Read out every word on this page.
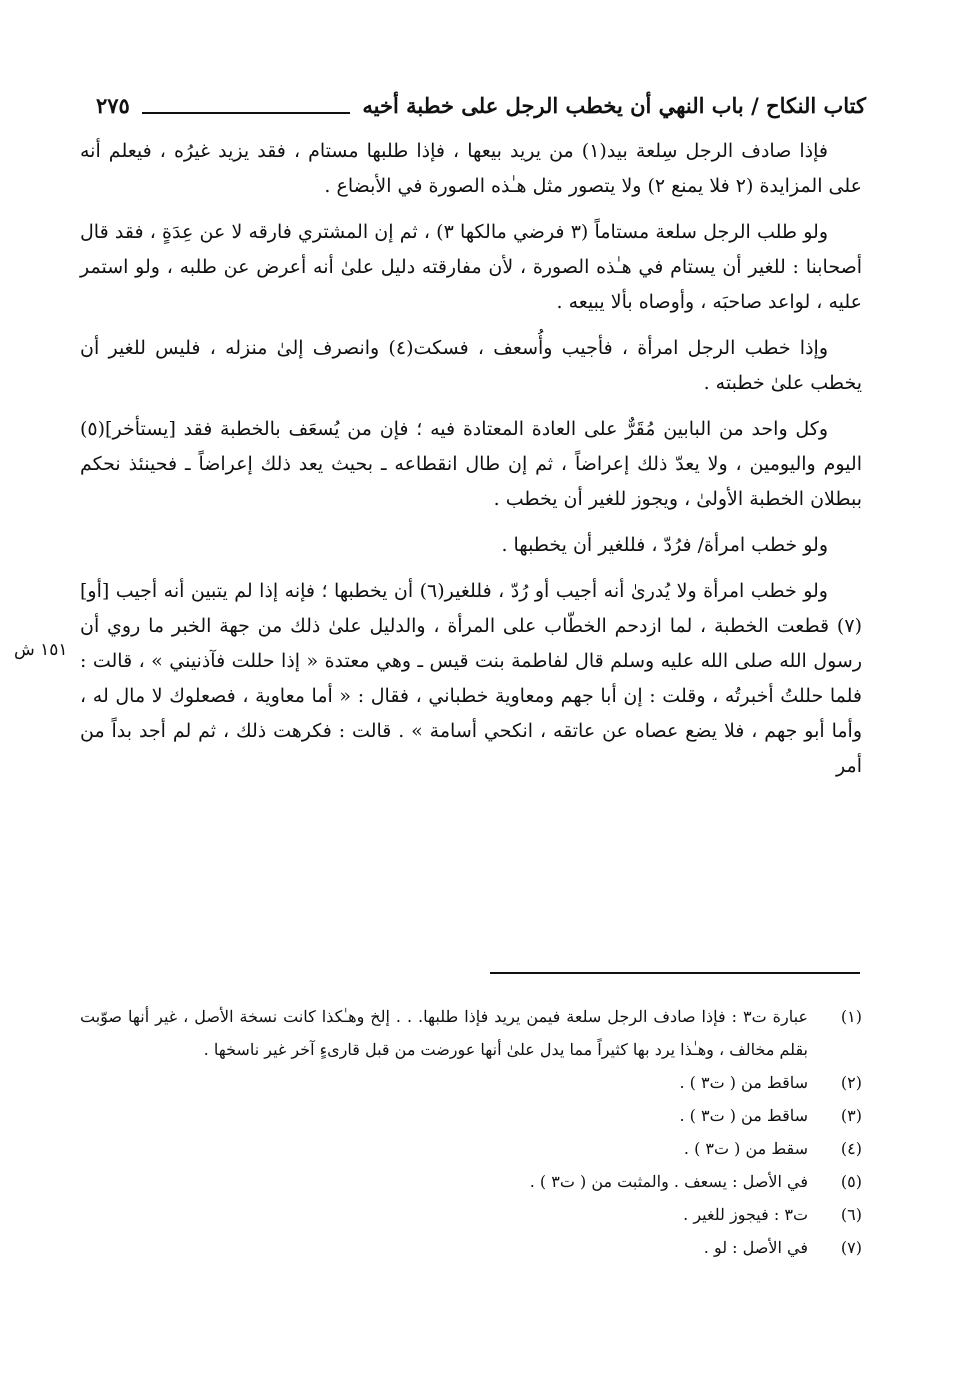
كتاب النكاح / باب النهي أن يخطب الرجل على خطبة أخيه
٢٧٥
١٥١ ش

فإذا صادف الرجل سِلعة بيد(١) من يريد بيعها ، فإذا طلبها مستام ، فقد يزيد غيرُه ، فيعلم أنه على المزايدة (٢ فلا يمنع ٢) ولا يتصور مثل هـٰذه الصورة في الأبضاع .

ولو طلب الرجل سلعة مستاماً (٣ فرضي مالكها ٣) ، ثم إن المشتري فارقه لا عن عِدَةٍ ، فقد قال أصحابنا : للغير أن يستام في هـٰذه الصورة ، لأن مفارقته دليل علىٰ أنه أعرض عن طلبه ، ولو استمر عليه ، لواعد صاحبَه ، وأوصاه بألا يبيعه .

وإذا خطب الرجل امرأة ، فأجيب وأُسعف ، فسكت(٤) وانصرف إلىٰ منزله ، فليس للغير أن يخطب علىٰ خطبته .

وكل واحد من البابين مُقَرٌّ على العادة المعتادة فيه ؛ فإن من يُسعَف بالخطبة فقد [يستأخر](٥) اليوم واليومين ، ولا يعدّ ذلك إعراضاً ، ثم إن طال انقطاعه ـ بحيث يعد ذلك إعراضاً ـ فحينئذ نحكم ببطلان الخطبة الأولىٰ ، ويجوز للغير أن يخطب .

ولو خطب امرأة/ فرُدّ ، فللغير أن يخطبها .

ولو خطب امرأة ولا يُدرىٰ أنه أجيب أو رُدّ ، فللغير(٦) أن يخطبها ؛ فإنه إذا لم يتبين أنه أجيب [أو](٧) قطعت الخطبة ، لما ازدحم الخطّاب على المرأة ، والدليل علىٰ ذلك من جهة الخبر ما روي أن رسول الله صلى الله عليه وسلم قال لفاطمة بنت قيس ـ وهي معتدة « إذا حللت فآذنيني » ، قالت : فلما حللتُ أخبرتُه ، وقلت : إن أبا جهم ومعاوية خطباني ، فقال : « أما معاوية ، فصعلوك لا مال له ، وأما أبو جهم ، فلا يضع عصاه عن عاتقه ، انكحي أسامة » . قالت : فكرهت ذلك ، ثم لم أجد بداً من أمر

(١)
عبارة ت٣ : فإذا صادف الرجل سلعة فيمن يريد فإذا طلبها. . . إلخ وهـٰكذا كانت نسخة الأصل ، غير أنها صوّبت بقلم مخالف ، وهـٰذا يرد بها كثيراً مما يدل علىٰ أنها عورضت من قبل قارىءٍ آخر غير ناسخها .
(٢)
ساقط من ( ت٣ ) .
(٣)
ساقط من ( ت٣ ) .
(٤)
سقط من ( ت٣ ) .
(٥)
في الأصل : يسعف . والمثبت من ( ت٣ ) .
(٦)
ت٣ : فيجوز للغير .
(٧)
في الأصل : لو .
